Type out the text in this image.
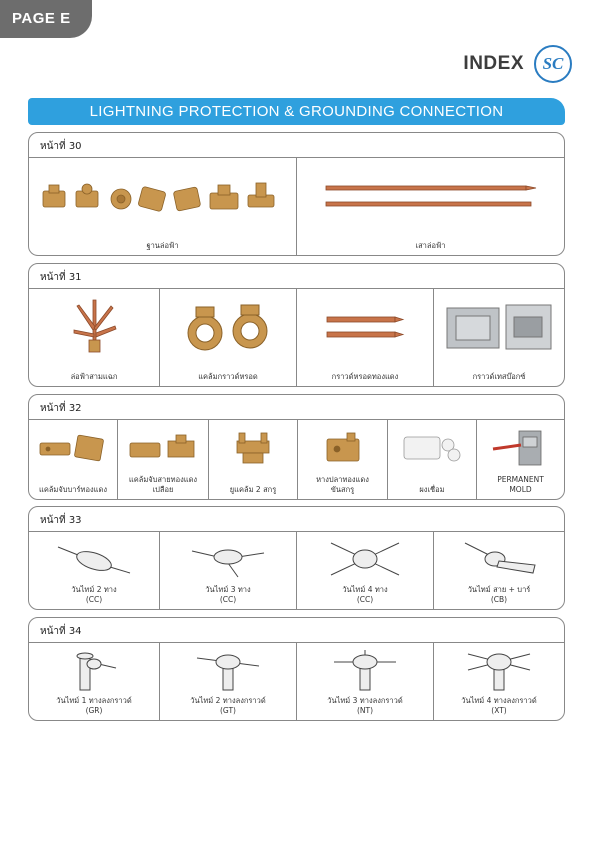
PAGE E
INDEX	SC
LIGHTNING PROTECTION & GROUNDING CONNECTION
หน้าที่ 30
ฐานล่อฟ้า	เสาล่อฟ้า
หน้าที่ 31
ล่อฟ้าสามแฉก	แคล้มกราวด์หรอด	กราวด์หรอดทองแดง	กราวด์เทสบ๊อกซ์
หน้าที่ 32
แคล้มจับบาร์ทองแดง
แคล้มจับสายทองแดง
เปลือย	ยูแคล้ม 2 สกรู
หางปลาทองแดง
ขันสกรู	ผงเชื่อม
PERMANENT
MOLD
หน้าที่ 33
วันไทม์ 2 ทาง
(CC)
วันไทม์ 3 ทาง
(CC)
วันไทม์ 4 ทาง
(CC)
วันไทม์ สาย + บาร์
(CB)
หน้าที่ 34
วันไทม์ 1 ทางลงกราวด์
(GR)
วันไทม์ 2 ทางลงกราวด์
(GT)
วันไทม์ 3 ทางลงกราวด์
(NT)
วันไทม์ 4 ทางลงกราวด์
(XT)
